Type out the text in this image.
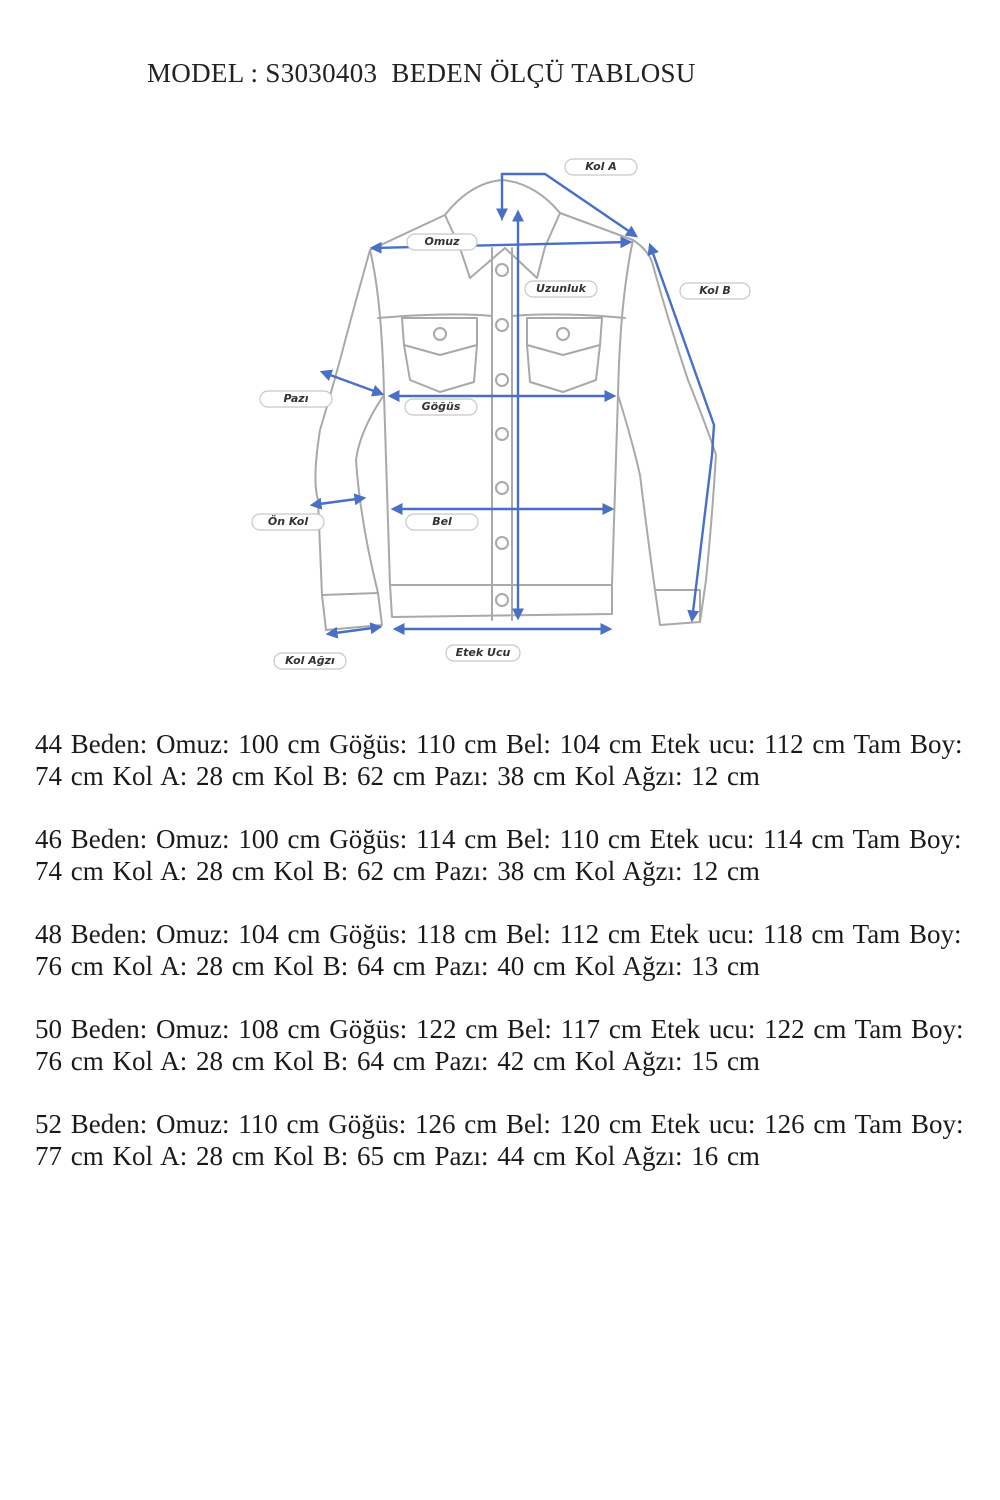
MODEL : S3030403  BEDEN ÖLÇÜ TABLOSU
Kol A
Omuz
Uzunluk	Kol B
Pazı
Göğüs
Ön Kol	Bel
Kol Ağzı
Etek Ucu

44 Beden: Omuz: 100 cm Göğüs: 110 cm Bel: 104 cm Etek ucu: 112 cm Tam Boy: 74 cm Kol A: 28 cm Kol B: 62 cm Pazı: 38 cm Kol Ağzı: 12 cm

46 Beden: Omuz: 100 cm Göğüs: 114 cm Bel: 110 cm Etek ucu: 114 cm Tam Boy: 74 cm Kol A: 28 cm Kol B: 62 cm Pazı: 38 cm Kol Ağzı: 12 cm

48 Beden: Omuz: 104 cm Göğüs: 118 cm Bel: 112 cm Etek ucu: 118 cm Tam Boy: 76 cm Kol A: 28 cm Kol B: 64 cm Pazı: 40 cm Kol Ağzı: 13 cm

50 Beden: Omuz: 108 cm Göğüs: 122 cm Bel: 117 cm Etek ucu: 122 cm Tam Boy: 76 cm Kol A: 28 cm Kol B: 64 cm Pazı: 42 cm Kol Ağzı: 15 cm

52 Beden: Omuz: 110 cm Göğüs: 126 cm Bel: 120 cm Etek ucu: 126 cm Tam Boy: 77 cm Kol A: 28 cm Kol B: 65 cm Pazı: 44 cm Kol Ağzı: 16 cm
